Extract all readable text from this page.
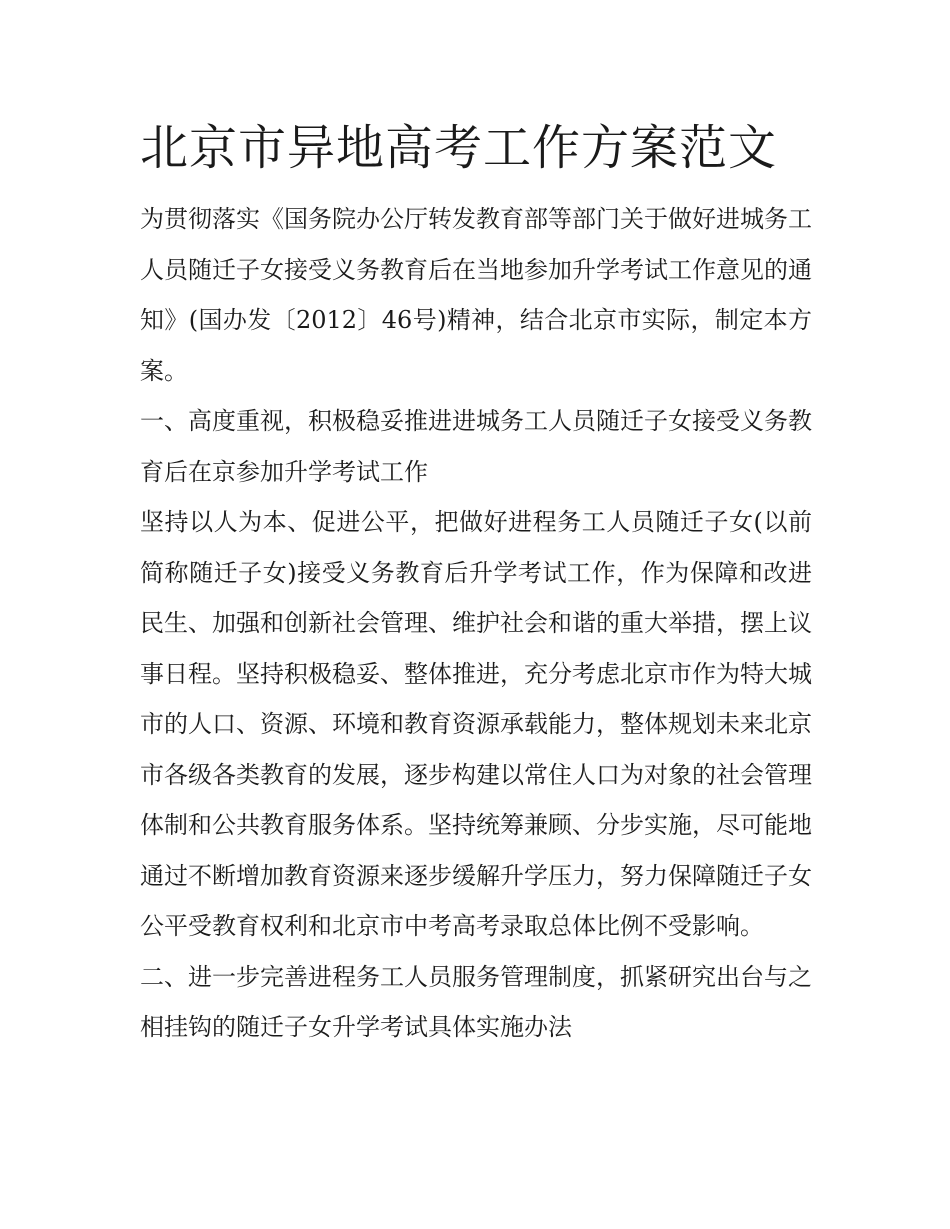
北京市异地高考工作方案范文

为贯彻落实《国务院办公厅转发教育部等部门关于做好进城务工人员随迁子女接受义务教育后在当地参加升学考试工作意见的通知》(国办发〔2012〕46号)精神，结合北京市实际，制定本方案。

一、高度重视，积极稳妥推进进城务工人员随迁子女接受义务教育后在京参加升学考试工作

坚持以人为本、促进公平，把做好进程务工人员随迁子女(以前简称随迁子女)接受义务教育后升学考试工作，作为保障和改进民生、加强和创新社会管理、维护社会和谐的重大举措，摆上议事日程。坚持积极稳妥、整体推进，充分考虑北京市作为特大城市的人口、资源、环境和教育资源承载能力，整体规划未来北京市各级各类教育的发展，逐步构建以常住人口为对象的社会管理体制和公共教育服务体系。坚持统筹兼顾、分步实施，尽可能地通过不断增加教育资源来逐步缓解升学压力，努力保障随迁子女公平受教育权利和北京市中考高考录取总体比例不受影响。

二、进一步完善进程务工人员服务管理制度，抓紧研究出台与之相挂钩的随迁子女升学考试具体实施办法
